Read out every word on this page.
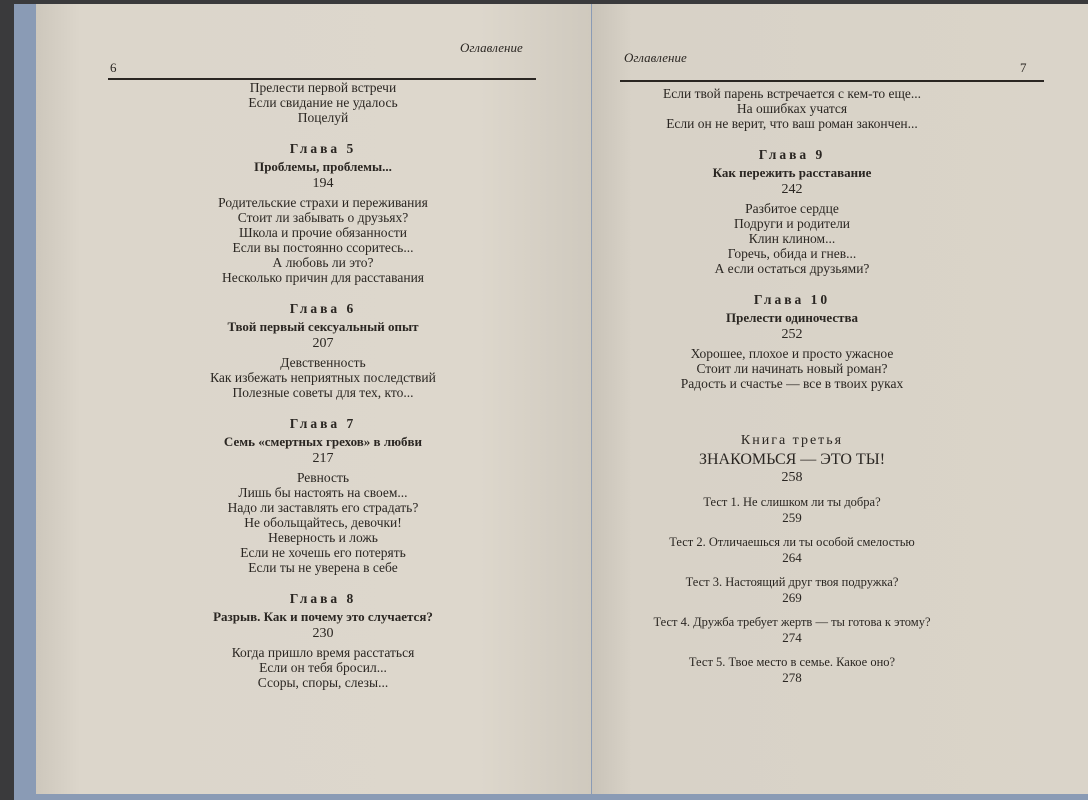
6
Оглавление
Прелести первой встречи
Если свидание не удалось
Поцелуй
Глава 5
Проблемы, проблемы...
194
Родительские страхи и переживания
Стоит ли забывать о друзьях?
Школа и прочие обязанности
Если вы постоянно ссоритесь...
А любовь ли это?
Несколько причин для расставания
Глава 6
Твой первый сексуальный опыт
207
Девственность
Как избежать неприятных последствий
Полезные советы для тех, кто...
Глава 7
Семь «смертных грехов» в любви
217
Ревность
Лишь бы настоять на своем...
Надо ли заставлять его страдать?
Не обольщайтесь, девочки!
Неверность и ложь
Если не хочешь его потерять
Если ты не уверена в себе
Глава 8
Разрыв. Как и почему это случается?
230
Когда пришло время расстаться
Если он тебя бросил...
Ссоры, споры, слезы...
Оглавление
7
Если твой парень встречается с кем-то еще...
На ошибках учатся
Если он не верит, что ваш роман закончен...
Глава 9
Как пережить расставание
242
Разбитое сердце
Подруги и родители
Клин клином...
Горечь, обида и гнев...
А если остаться друзьями?
Глава 10
Прелести одиночества
252
Хорошее, плохое и просто ужасное
Стоит ли начинать новый роман?
Радость и счастье — все в твоих руках
Книга третья
ЗНАКОМЬСЯ — ЭТО ТЫ!
258
Тест 1. Не слишком ли ты добра?
259
Тест 2. Отличаешься ли ты особой смелостью
264
Тест 3. Настоящий друг твоя подружка?
269
Тест 4. Дружба требует жертв — ты готова к этому?
274
Тест 5. Твое место в семье. Какое оно?
278
